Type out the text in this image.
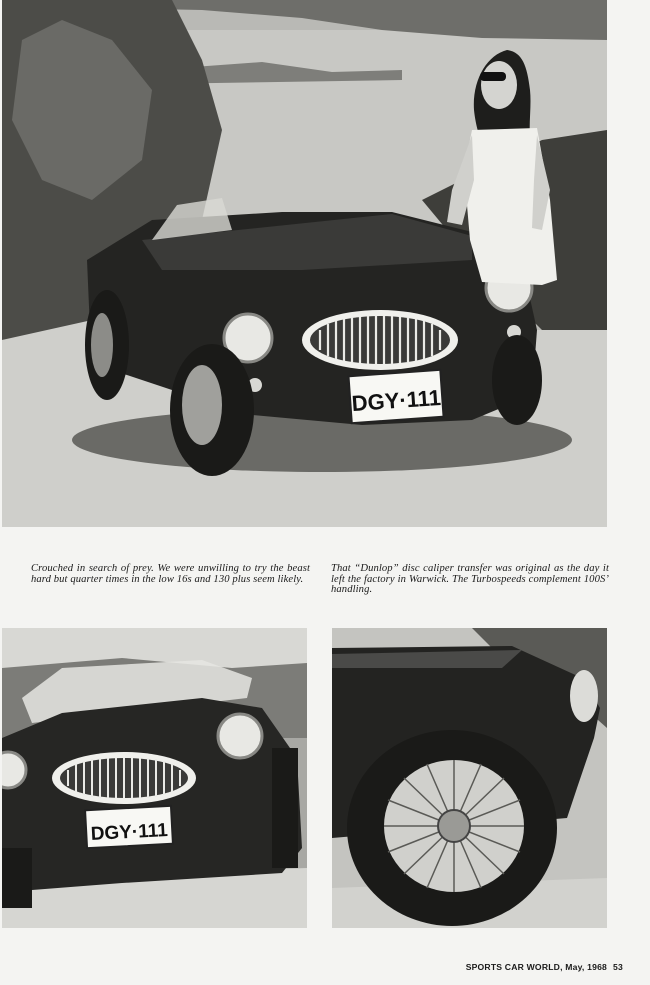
DGY·111
Crouched in search of prey. We were unwilling to try the beast hard but quarter times in the low 16s and 130 plus seem likely.
That “Dunlop” disc caliper transfer was original as the day it left the factory in Warwick. The Turbospeeds complement 100S’ handling.
DGY·111
SPORTS CAR WORLD, May, 1968 53
